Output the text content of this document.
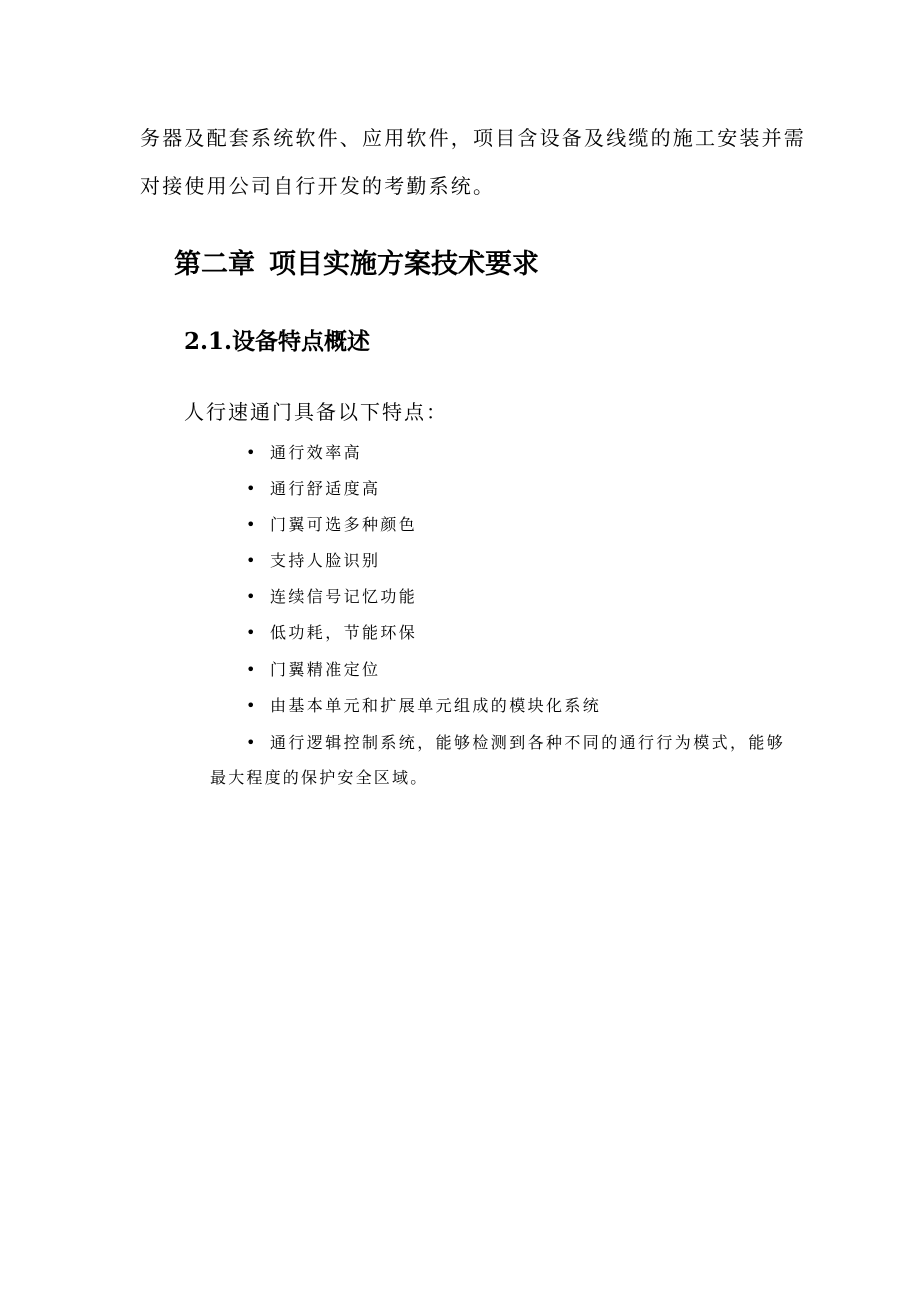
务器及配套系统软件、应用软件，项目含设备及线缆的施工安装并需
对接使用公司自行开发的考勤系统。
第二章 项目实施方案技术要求
2.1.设备特点概述
人行速通门具备以下特点：
• 通行效率高
• 通行舒适度高
• 门翼可选多种颜色
• 支持人脸识别
• 连续信号记忆功能
• 低功耗，节能环保
• 门翼精准定位
• 由基本单元和扩展单元组成的模块化系统
• 通行逻辑控制系统，能够检测到各种不同的通行行为模式，能够
最大程度的保护安全区域。
